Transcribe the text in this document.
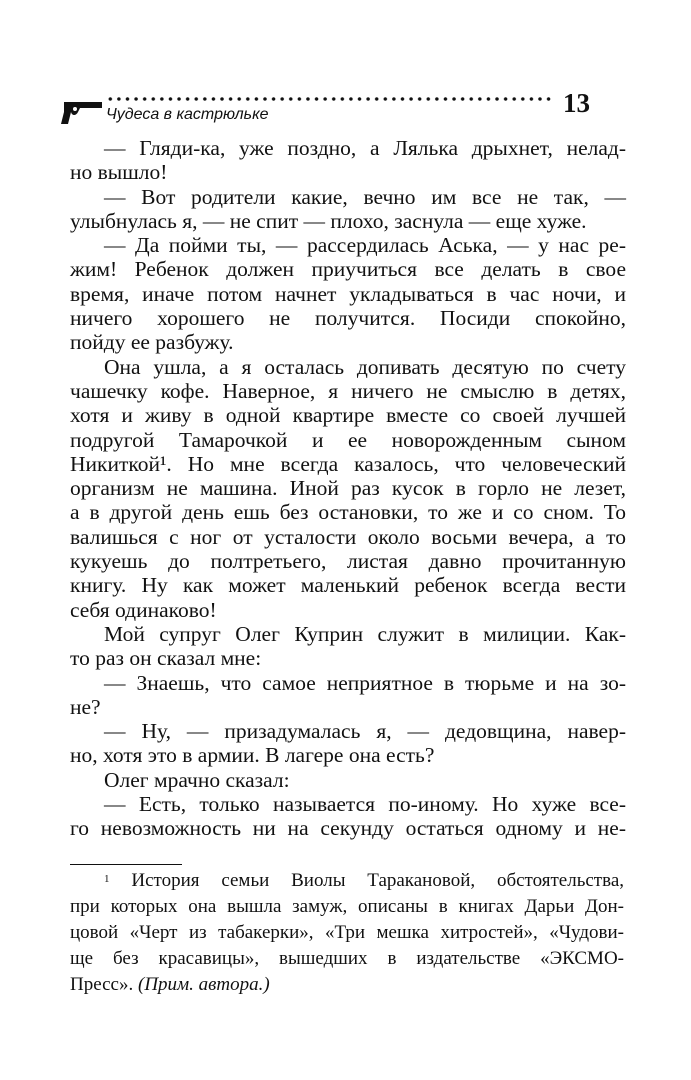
13
Чудеса в кастрюльке
— Гляди-ка, уже поздно, а Лялька дрыхнет, нелад-
но вышло!
— Вот родители какие, вечно им все не так, —
улыбнулась я, — не спит — плохо, заснула — еще хуже.
— Да пойми ты, — рассердилась Аська, — у нас ре-
жим! Ребенок должен приучиться все делать в свое
время, иначе потом начнет укладываться в час ночи, и
ничего хорошего не получится. Посиди спокойно,
пойду ее разбужу.
Она ушла, а я осталась допивать десятую по счету
чашечку кофе. Наверное, я ничего не смыслю в детях,
хотя и живу в одной квартире вместе со своей лучшей
подругой Тамарочкой и ее новорожденным сыном
Никиткой¹. Но мне всегда казалось, что человеческий
организм не машина. Иной раз кусок в горло не лезет,
а в другой день ешь без остановки, то же и со сном. То
валишься с ног от усталости около восьми вечера, а то
кукуешь до полтретьего, листая давно прочитанную
книгу. Ну как может маленький ребенок всегда вести
себя одинаково!
Мой супруг Олег Куприн служит в милиции. Как-
то раз он сказал мне:
— Знаешь, что самое неприятное в тюрьме и на зо-
не?
— Ну, — призадумалась я, — дедовщина, навер-
но, хотя это в армии. В лагере она есть?
Олег мрачно сказал:
— Есть, только называется по-иному. Но хуже все-
го невозможность ни на секунду остаться одному и не-
$^1$ История семьи Виолы Таракановой, обстоятельства,
при которых она вышла замуж, описаны в книгах Дарьи Дон-
цовой «Черт из табакерки», «Три мешка хитростей», «Чудови-
ще без красавицы», вышедших в издательстве «ЭКСМО-
Пресс». (Прим. автора.)
